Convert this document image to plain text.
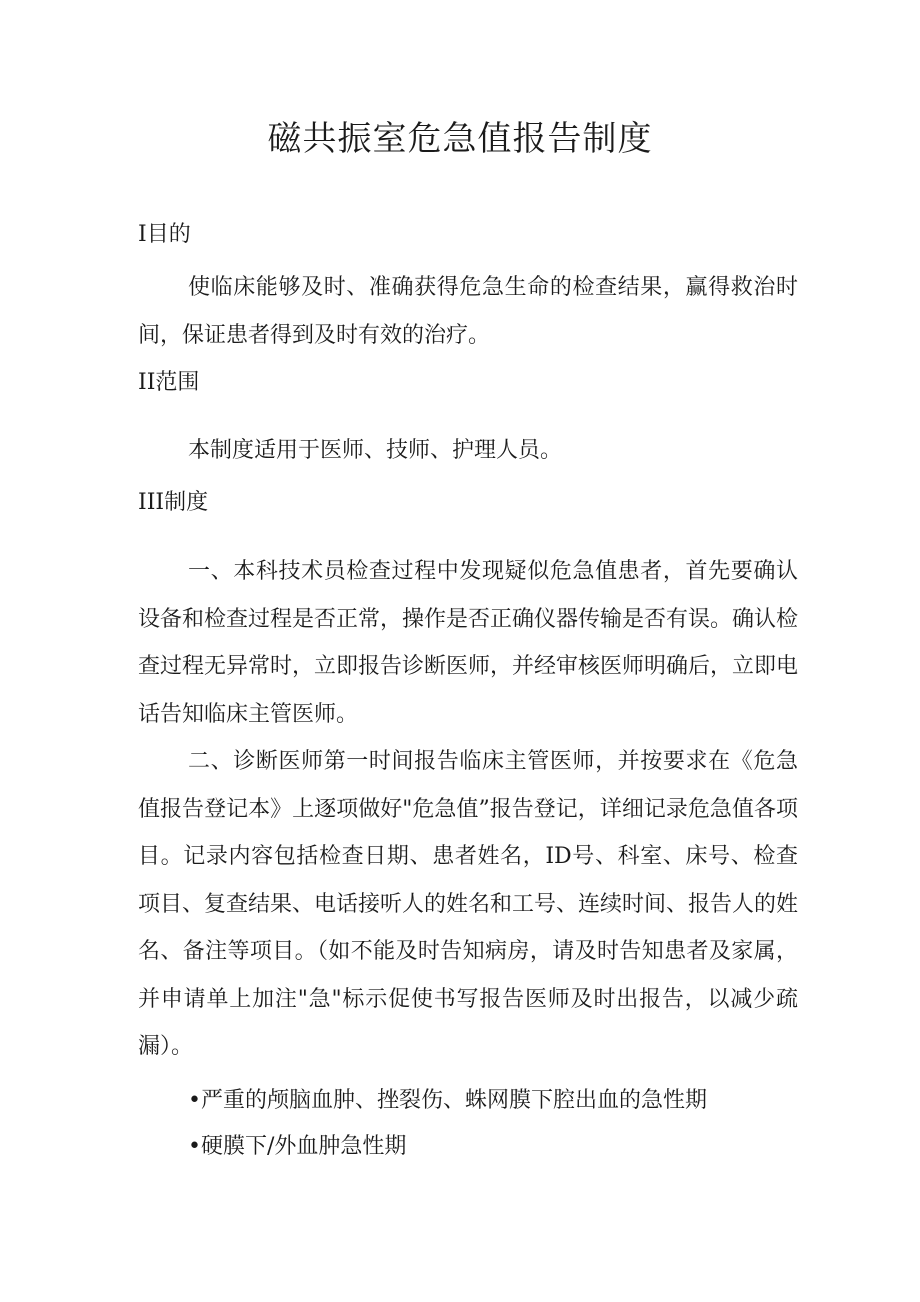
磁共振室危急值报告制度
I目的

使临床能够及时、准确获得危急生命的检查结果，赢得救治时间，保证患者得到及时有效的治疗。

II范围

本制度适用于医师、技师、护理人员。

III制度

一、本科技术员检查过程中发现疑似危急值患者，首先要确认设备和检查过程是否正常，操作是否正确仪器传输是否有误。确认检查过程无异常时，立即报告诊断医师，并经审核医师明确后，立即电话告知临床主管医师。

二、诊断医师第一时间报告临床主管医师，并按要求在《危急值报告登记本》上逐项做好"危急值”报告登记，详细记录危急值各项目。记录内容包括检查日期、患者姓名，ID号、科室、床号、检查项目、复查结果、电话接听人的姓名和工号、连续时间、报告人的姓名、备注等项目。（如不能及时告知病房，请及时告知患者及家属，并申请单上加注"急"标示促使书写报告医师及时出报告，以减少疏漏）。

•严重的颅脑血肿、挫裂伤、蛛网膜下腔出血的急性期

•硬膜下/外血肿急性期
